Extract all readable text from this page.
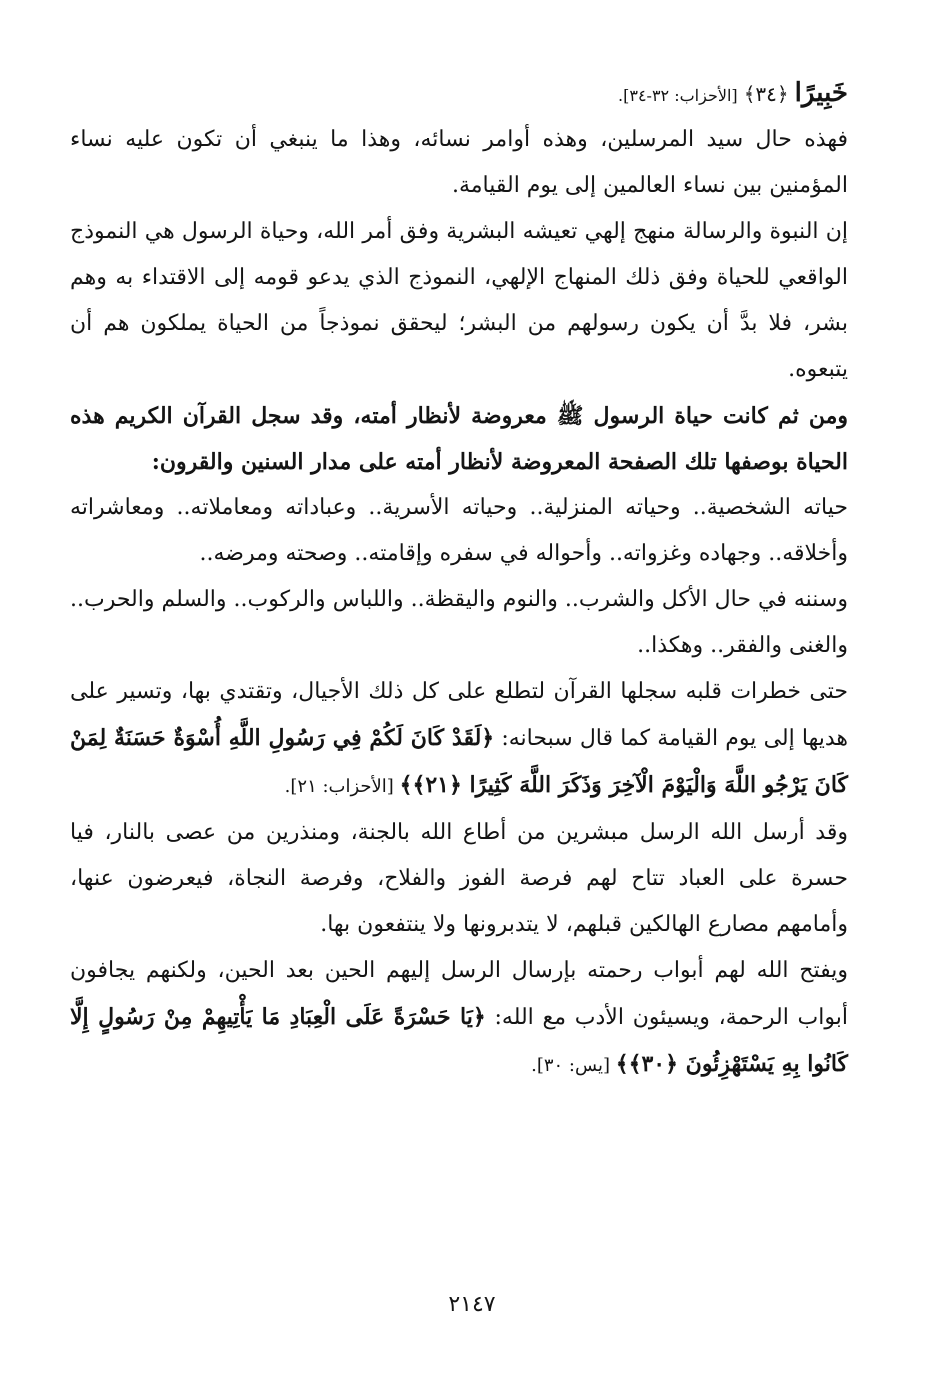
خَبِيرًا ﴿٣٤﴾ [الأحزاب: ٣٢-٣٤].

فهذه حال سيد المرسلين، وهذه أوامر نسائه، وهذا ما ينبغي أن تكون عليه نساء المؤمنين بين نساء العالمين إلى يوم القيامة.

إن النبوة والرسالة منهج إلهي تعيشه البشرية وفق أمر الله، وحياة الرسول هي النموذج الواقعي للحياة وفق ذلك المنهاج الإلهي، النموذج الذي يدعو قومه إلى الاقتداء به وهم بشر، فلا بدَّ أن يكون رسولهم من البشر؛ ليحقق نموذجاً من الحياة يملكون هم أن يتبعوه.

ومن ثم كانت حياة الرسول ﷺ معروضة لأنظار أمته، وقد سجل القرآن الكريم هذه الحياة بوصفها تلك الصفحة المعروضة لأنظار أمته على مدار السنين والقرون:

حياته الشخصية.. وحياته المنزلية.. وحياته الأسرية.. وعباداته ومعاملاته.. ومعاشراته وأخلاقه.. وجهاده وغزواته.. وأحواله في سفره وإقامته.. وصحته ومرضه..

وسننه في حال الأكل والشرب.. والنوم واليقظة.. واللباس والركوب.. والسلم والحرب.. والغنى والفقر.. وهكذا..

حتى خطرات قلبه سجلها القرآن لتطلع على كل ذلك الأجيال، وتقتدي بها، وتسير على هديها إلى يوم القيامة كما قال سبحانه: ﴿لَقَدْ كَانَ لَكُمْ فِي رَسُولِ اللَّهِ أُسْوَةٌ حَسَنَةٌ لِمَنْ كَانَ يَرْجُو اللَّهَ وَالْيَوْمَ الْآخِرَ وَذَكَرَ اللَّهَ كَثِيرًا ﴿٢١﴾﴾ [الأحزاب: ٢١].

وقد أرسل الله الرسل مبشرين من أطاع الله بالجنة، ومنذرين من عصى بالنار، فيا حسرة على العباد تتاح لهم فرصة الفوز والفلاح، وفرصة النجاة، فيعرضون عنها، وأمامهم مصارع الهالكين قبلهم، لا يتدبرونها ولا ينتفعون بها.

ويفتح الله لهم أبواب رحمته بإرسال الرسل إليهم الحين بعد الحين، ولكنهم يجافون أبواب الرحمة، ويسيئون الأدب مع الله: ﴿يَا حَسْرَةً عَلَى الْعِبَادِ مَا يَأْتِيهِمْ مِنْ رَسُولٍ إِلَّا كَانُوا بِهِ يَسْتَهْزِئُونَ ﴿٣٠﴾﴾ [يس: ٣٠].

٢١٤٧
